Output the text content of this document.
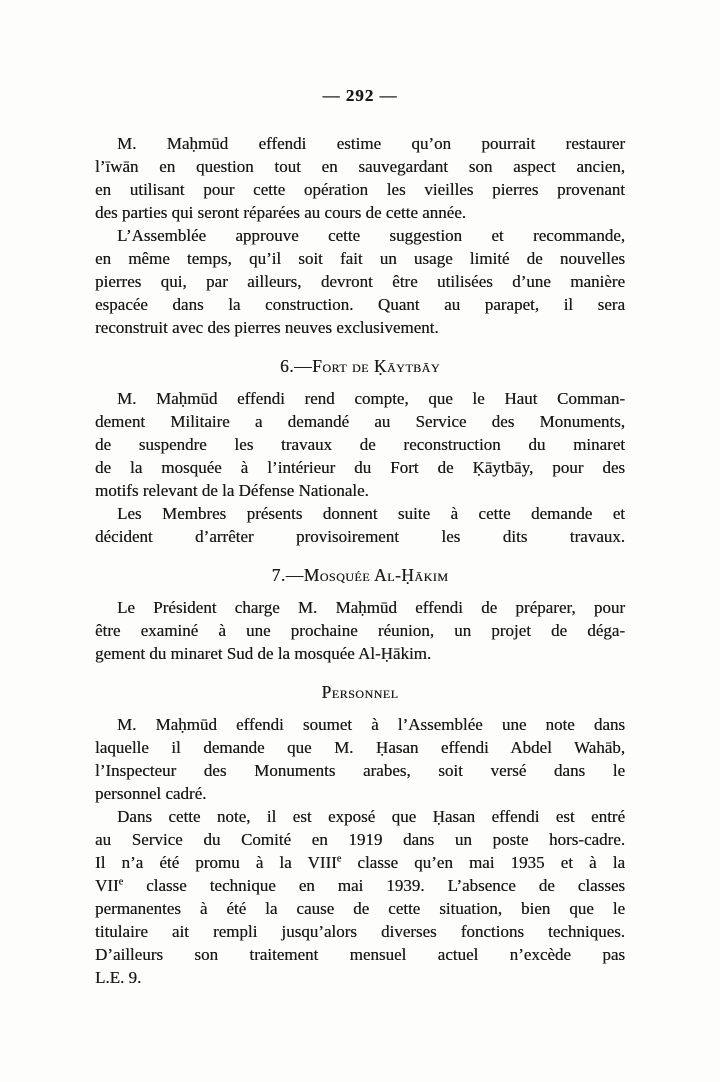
— 292 —
M. Maḥmūd effendi estime qu’on pourrait restaurer
l’īwān en question tout en sauvegardant son aspect ancien,
en utilisant pour cette opération les vieilles pierres provenant
des parties qui seront réparées au cours de cette année.
L’Assemblée approuve cette suggestion et recommande,
en même temps, qu’il soit fait un usage limité de nouvelles
pierres qui, par ailleurs, devront être utilisées d’une manière
espacée dans la construction. Quant au parapet, il sera
reconstruit avec des pierres neuves exclusivement.
6.—Fort de Ḳāytbāy
M. Maḥmūd effendi rend compte, que le Haut Comman-
dement Militaire a demandé au Service des Monuments,
de suspendre les travaux de reconstruction du minaret
de la mosquée à l’intérieur du Fort de Ḳāytbāy, pour des
motifs relevant de la Défense Nationale.
Les Membres présents donnent suite à cette demande et
décident d’arrêter provisoirement les dits travaux.
7.—Mosquée Al-Ḥākim
Le Président charge M. Maḥmūd effendi de préparer, pour
être examiné à une prochaine réunion, un projet de déga-
gement du minaret Sud de la mosquée Al-Ḥākim.
Personnel
M. Maḥmūd effendi soumet à l’Assemblée une note dans
laquelle il demande que M. Ḥasan effendi Abdel Wahāb,
l’Inspecteur des Monuments arabes, soit versé dans le
personnel cadré.
Dans cette note, il est exposé que Ḥasan effendi est entré
au Service du Comité en 1919 dans un poste hors-cadre.
Il n’a été promu à la VIIIe classe qu’en mai 1935 et à la
VIIe classe technique en mai 1939. L’absence de classes
permanentes à été la cause de cette situation, bien que le
titulaire ait rempli jusqu’alors diverses fonctions techniques.
D’ailleurs son traitement mensuel actuel n’excède pas
L.E. 9.
